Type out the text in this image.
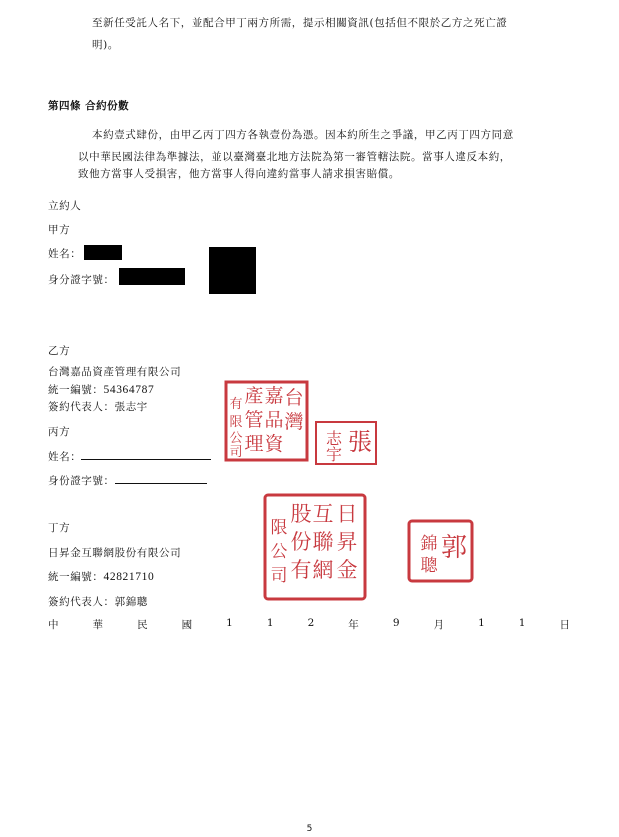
至新任受託人名下，並配合甲丁兩方所需，提示相關資訊(包括但不限於乙方之死亡證
明)。
第四條 合約份數
本約壹式肆份，由甲乙丙丁四方各執壹份為憑。因本約所生之爭議，甲乙丙丁四方同意
以中華民國法律為準據法，並以臺灣臺北地方法院為第一審管轄法院。當事人違反本約，
致他方當事人受損害，他方當事人得向違約當事人請求損害賠償。
立約人
甲方
姓名：
身分證字號：
乙方
台灣嘉品資產管理有限公司
統一編號：54364787
簽約代表人：張志宇
丙方
姓名：
身份證字號：
丁方
日昇金互聯網股份有限公司
統一編號：42821710
簽約代表人：郭錦聰
台
灣
嘉
品
資
產
管
理
有
限
公
司	張
志
宇
日
昇
金
互
聯
網
股
份
有
限
公
司
郭
錦
聰
中	華	民	國	1	1	2	年	9	月	1	1	日
5
